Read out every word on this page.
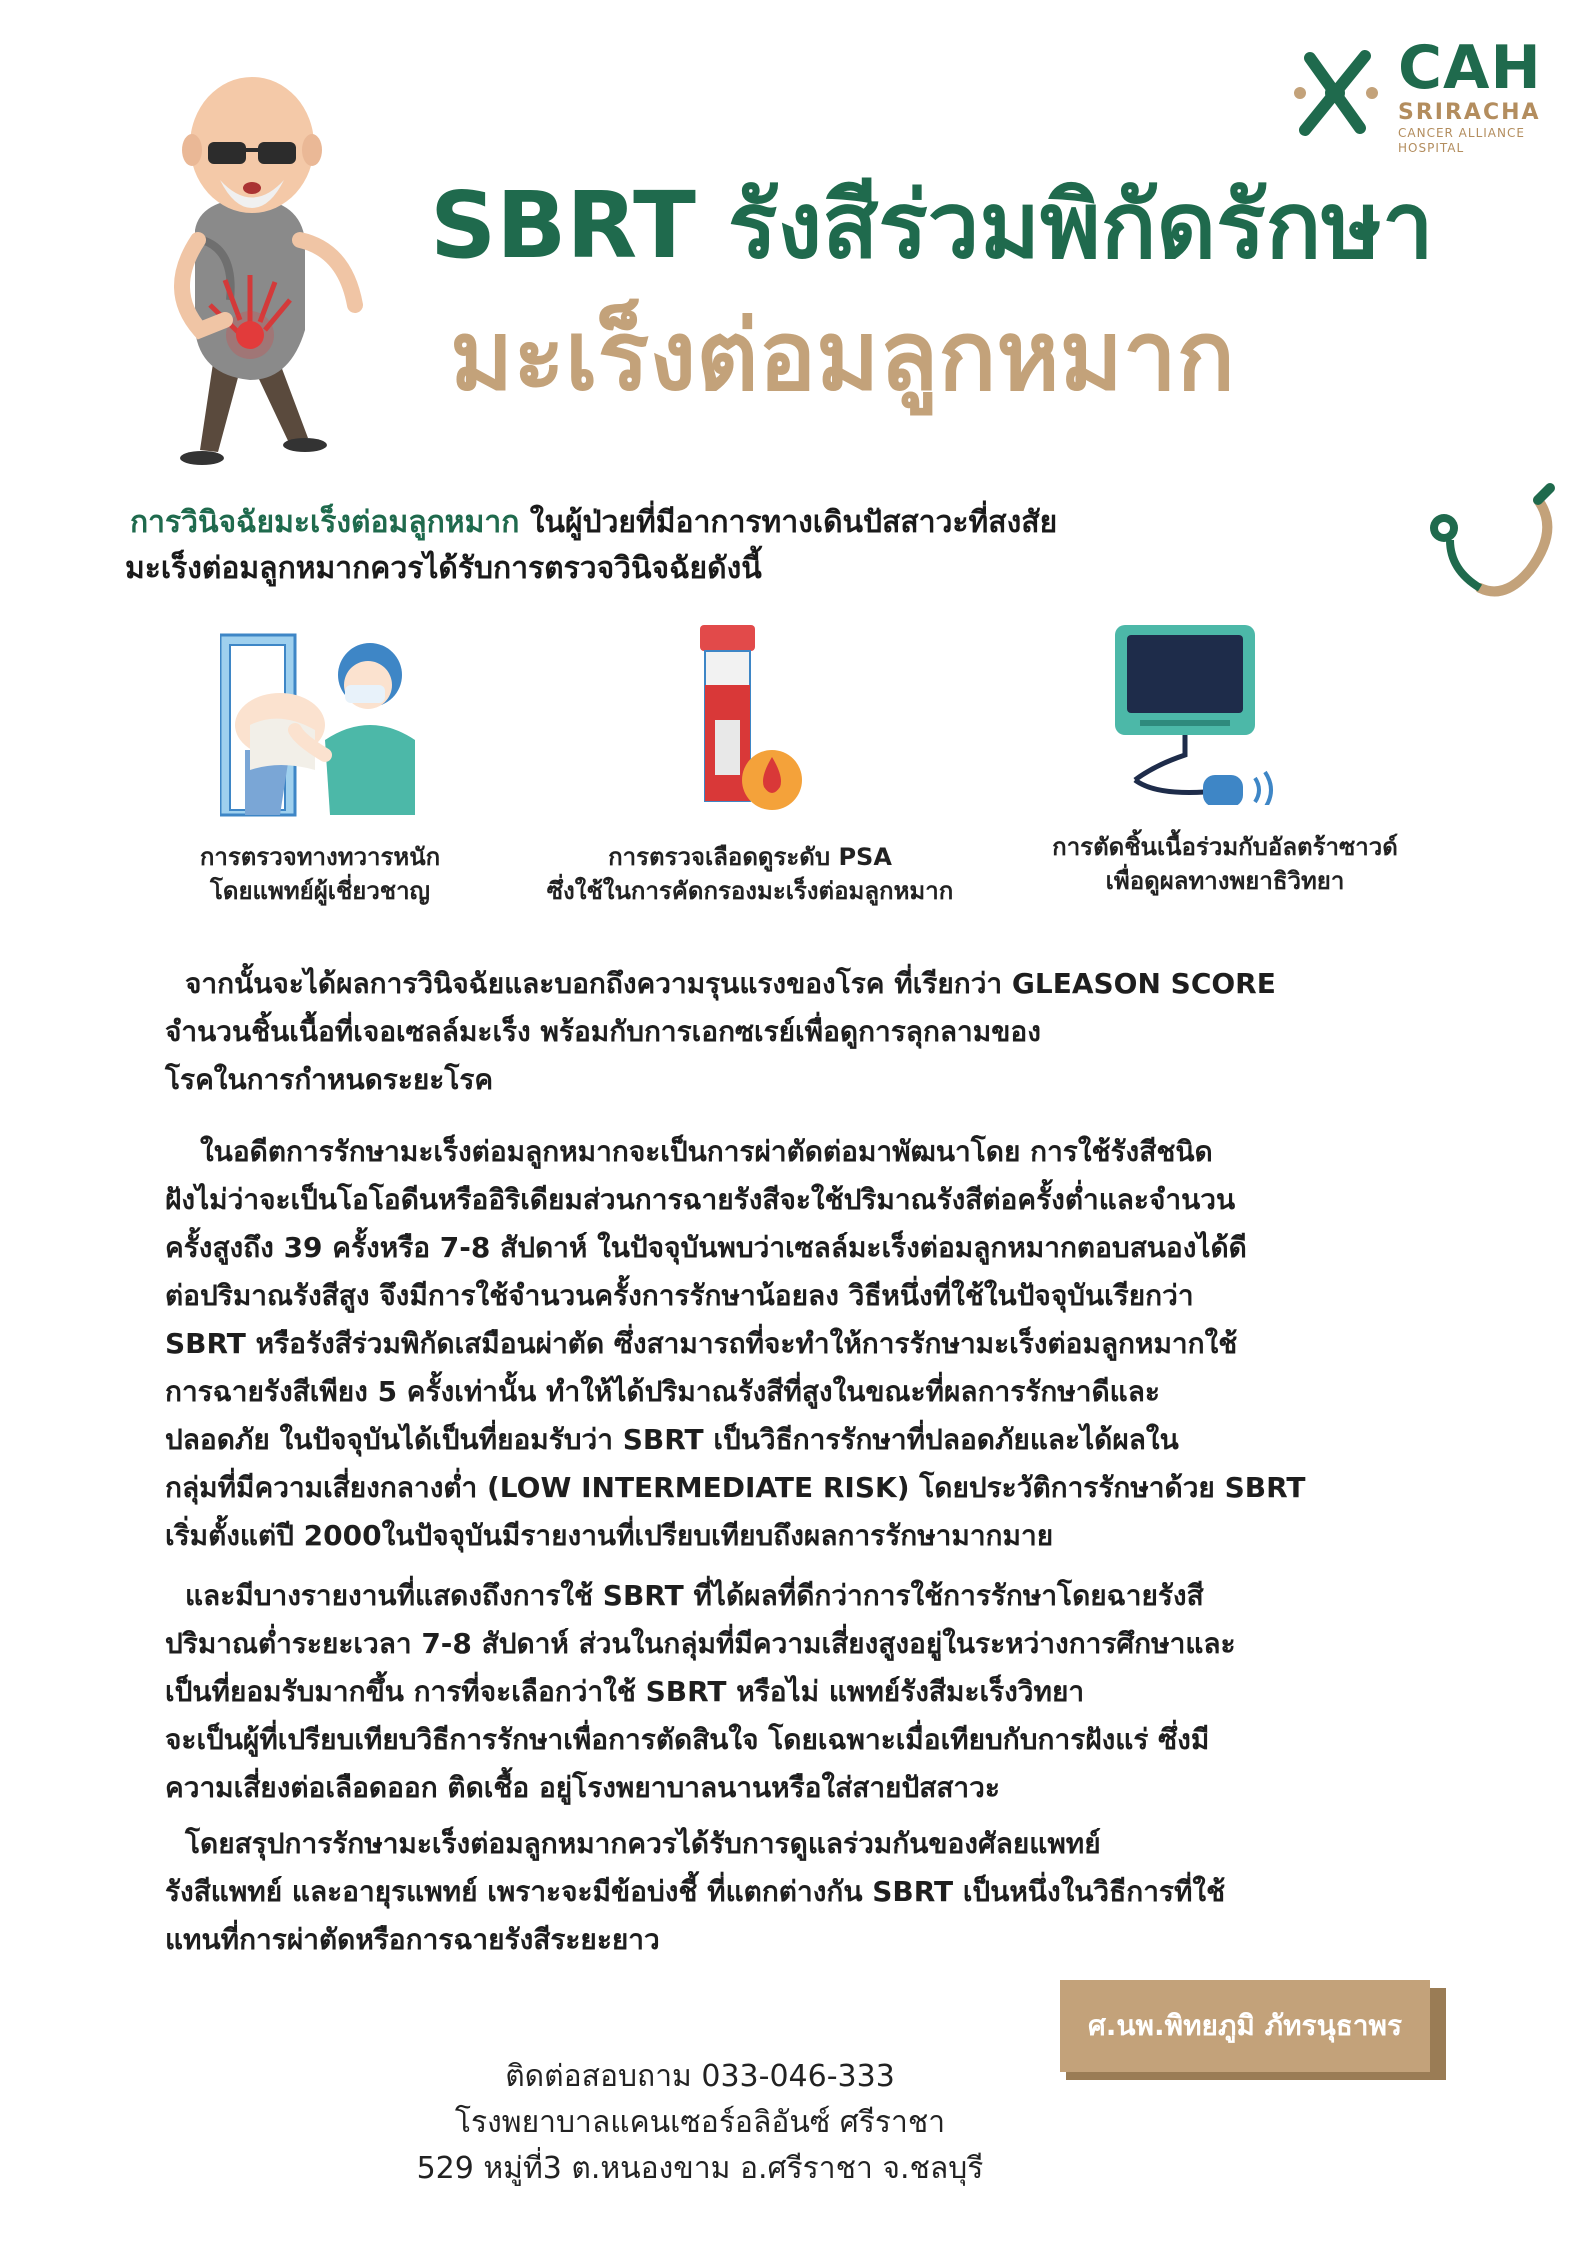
CAH
SRIRACHA
CANCER ALLIANCE
HOSPITAL
SBRT รังสีร่วมพิกัดรักษา
มะเร็งต่อมลูกหมาก
การวินิจฉัยมะเร็งต่อมลูกหมาก ในผู้ป่วยที่มีอาการทางเดินปัสสาวะที่สงสัย
มะเร็งต่อมลูกหมากควรได้รับการตรวจวินิจฉัยดังนี้
การตรวจทางทวารหนัก
โดยแพทย์ผู้เชี่ยวชาญ
การตรวจเลือดดูระดับ PSA
ซึ่งใช้ในการคัดกรองมะเร็งต่อมลูกหมาก
การตัดชิ้นเนื้อร่วมกับอัลตร้าซาวด์
เพื่อดูผลทางพยาธิวิทยา

จากนั้นจะได้ผลการวินิจฉัยและบอกถึงความรุนแรงของโรค ที่เรียกว่า GLEASON SCORE

จำนวนชิ้นเนื้อที่เจอเซลล์มะเร็ง พร้อมกับการเอกซเรย์เพื่อดูการลุกลามของ

โรคในการกำหนดระยะโรค

ในอดีตการรักษามะเร็งต่อมลูกหมากจะเป็นการผ่าตัดต่อมาพัฒนาโดย การใช้รังสีชนิด

ฝังไม่ว่าจะเป็นโอโอดีนหรืออิริเดียมส่วนการฉายรังสีจะใช้ปริมาณรังสีต่อครั้งต่ำและจำนวน

ครั้งสูงถึง 39 ครั้งหรือ 7-8 สัปดาห์ ในปัจจุบันพบว่าเซลล์มะเร็งต่อมลูกหมากตอบสนองได้ดี

ต่อปริมาณรังสีสูง จึงมีการใช้จำนวนครั้งการรักษาน้อยลง วิธีหนึ่งที่ใช้ในปัจจุบันเรียกว่า

SBRT หรือรังสีร่วมพิกัดเสมือนผ่าตัด ซึ่งสามารถที่จะทำให้การรักษามะเร็งต่อมลูกหมากใช้

การฉายรังสีเพียง 5 ครั้งเท่านั้น ทำให้ได้ปริมาณรังสีที่สูงในขณะที่ผลการรักษาดีและ

ปลอดภัย ในปัจจุบันได้เป็นที่ยอมรับว่า SBRT เป็นวิธีการรักษาที่ปลอดภัยและได้ผลใน

กลุ่มที่มีความเสี่ยงกลางต่ำ (LOW INTERMEDIATE RISK) โดยประวัติการรักษาด้วย SBRT

เริ่มตั้งแต่ปี 2000ในปัจจุบันมีรายงานที่เปรียบเทียบถึงผลการรักษามากมาย

และมีบางรายงานที่แสดงถึงการใช้ SBRT ที่ได้ผลที่ดีกว่าการใช้การรักษาโดยฉายรังสี

ปริมาณต่ำระยะเวลา 7-8 สัปดาห์ ส่วนในกลุ่มที่มีความเสี่ยงสูงอยู่ในระหว่างการศึกษาและ

เป็นที่ยอมรับมากขึ้น การที่จะเลือกว่าใช้ SBRT หรือไม่ แพทย์รังสีมะเร็งวิทยา

จะเป็นผู้ที่เปรียบเทียบวิธีการรักษาเพื่อการตัดสินใจ โดยเฉพาะเมื่อเทียบกับการฝังแร่ ซึ่งมี

ความเสี่ยงต่อเลือดออก ติดเชื้อ อยู่โรงพยาบาลนานหรือใส่สายปัสสาวะ

โดยสรุปการรักษามะเร็งต่อมลูกหมากควรได้รับการดูแลร่วมกันของศัลยแพทย์

รังสีแพทย์ และอายุรแพทย์ เพราะจะมีข้อบ่งชี้ ที่แตกต่างกัน SBRT เป็นหนึ่งในวิธีการที่ใช้

แทนที่การผ่าตัดหรือการฉายรังสีระยะยาว

ศ.นพ.พิทยภูมิ ภัทรนุธาพร
ติดต่อสอบถาม 033-046-333
โรงพยาบาลแคนเซอร์อลิอันซ์ ศรีราชา
529 หมู่ที่3 ต.หนองขาม อ.ศรีราชา จ.ชลบุรี
